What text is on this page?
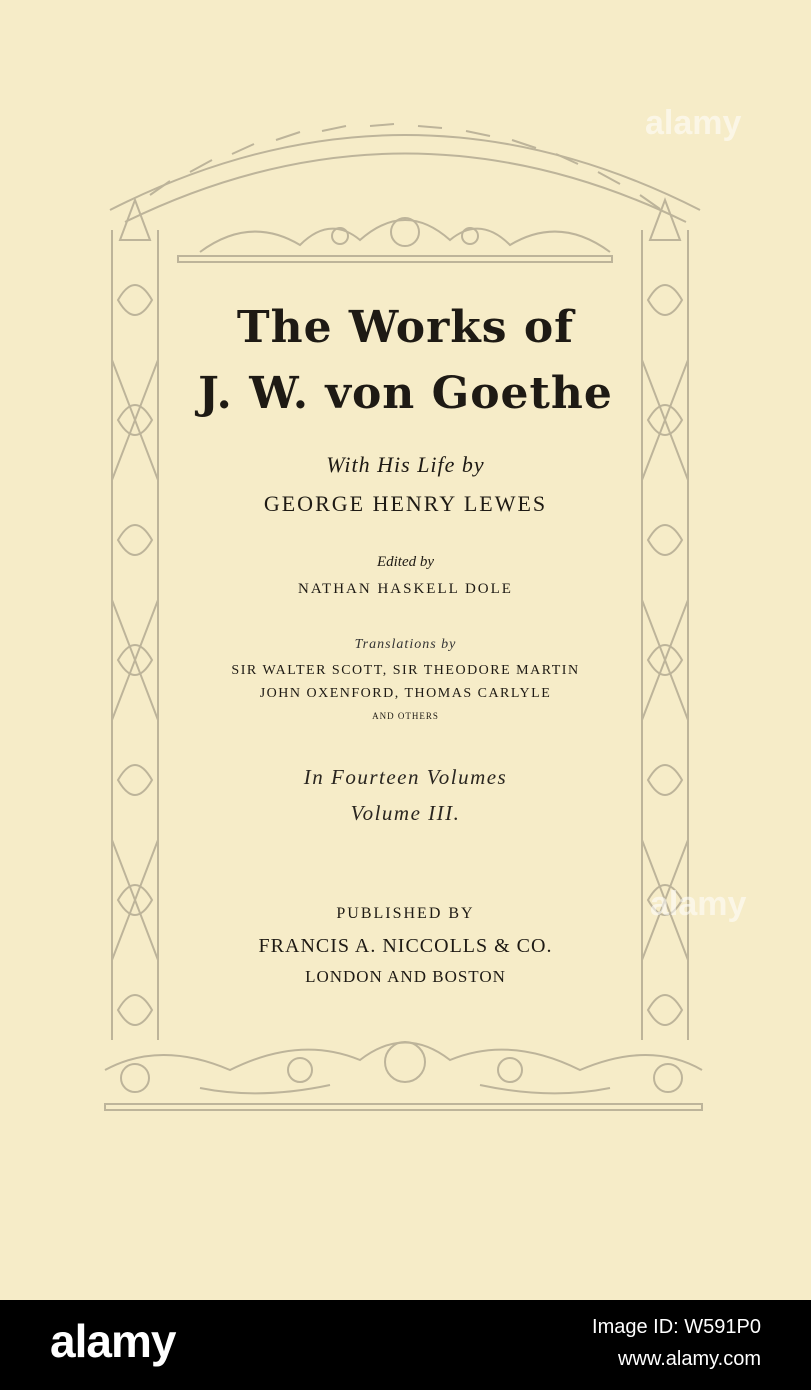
The Works of
J. W. von Goethe
With His Life by
GEORGE HENRY LEWES
Edited by
NATHAN HASKELL DOLE
Translations by
SIR WALTER SCOTT, SIR THEODORE MARTIN
JOHN OXENFORD, THOMAS CARLYLE
AND OTHERS
In Fourteen Volumes
Volume III.
PUBLISHED BY
FRANCIS A. NICCOLLS & CO.
LONDON AND BOSTON
alamy
alamy
alamy	Image ID: W591P0
www.alamy.com
